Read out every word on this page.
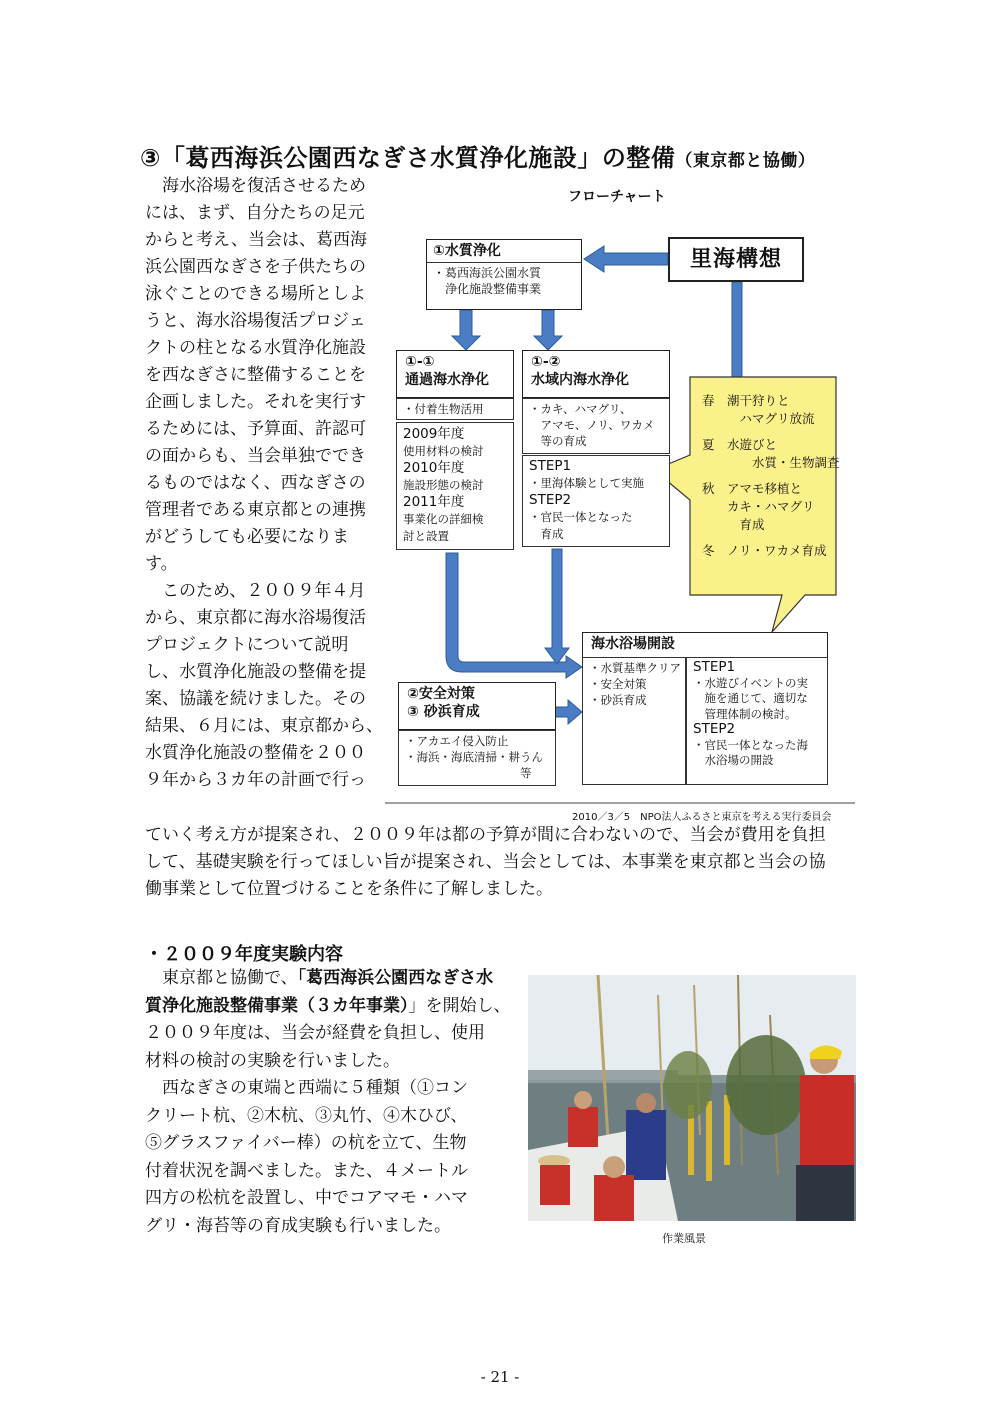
③「葛西海浜公園西なぎさ水質浄化施設」の整備（東京都と協働）
　海水浴場を復活させるため
には、まず、自分たちの足元
からと考え、当会は、葛西海
浜公園西なぎさを子供たちの
泳ぐことのできる場所としよ
うと、海水浴場復活プロジェ
クトの柱となる水質浄化施設
を西なぎさに整備することを
企画しました。それを実行す
るためには、予算面、許認可
の面からも、当会単独ででき
るものではなく、西なぎさの
管理者である東京都との連携
がどうしても必要になりま
す。
　このため、２００９年４月
から、東京都に海水浴場復活
プロジェクトについて説明
し、水質浄化施設の整備を提
案、協議を続けました。その
結果、６月には、東京都から、
水質浄化施設の整備を２００
９年から３カ年の計画で行っ
ていく考え方が提案され、２００９年は都の予算が間に合わないので、当会が費用を負担
して、基礎実験を行ってほしい旨が提案され、当会としては、本事業を東京都と当会の協
働事業として位置づけることを条件に了解しました。
フローチャート
里海構想
①水質浄化
・葛西海浜公園水質
　浄化施設整備事業
①-①
通過海水浄化
・付着生物活用
2009年度
使用材料の検討
2010年度
施設形態の検討
2011年度
事業化の詳細検
討と設置
①-②
水域内海水浄化
・カキ、ハマグリ、
　アマモ、ノリ、ワカメ
　等の育成
STEP1
・里海体験として実施
STEP2
・官民一体となった
　育成
春　潮干狩りと
　　　ハマグリ放流
夏　水遊びと
　　　　水質・生物調査
秋　アマモ移植と
　　カキ・ハマグリ
　　　育成
冬　ノリ・ワカメ育成
②安全対策
③ 砂浜育成
・アカエイ侵入防止
・海浜・海底清掃・耕うん
　　　　　　　　　　等
海水浴場開設
・水質基準クリア
・安全対策
・砂浜育成
STEP1
・水遊びイベントの実
　施を通じて、適切な
　管理体制の検討。
STEP2
・官民一体となった海
　水浴場の開設
2010／3／5　NPO法人ふるさと東京を考える実行委員会
・２００９年度実験内容
　東京都と協働で、「葛西海浜公園西なぎさ水
質浄化施設整備事業（３カ年事業）」を開始し、
２００９年度は、当会が経費を負担し、使用
材料の検討の実験を行いました。
　西なぎさの東端と西端に５種類（①コン
クリート杭、②木杭、③丸竹、④木ひび、
⑤グラスファイバー棒）の杭を立て、生物
付着状況を調べました。また、４メートル
四方の松杭を設置し、中でコアマモ・ハマ
グリ・海苔等の育成実験も行いました。
作業風景
- 21 -
